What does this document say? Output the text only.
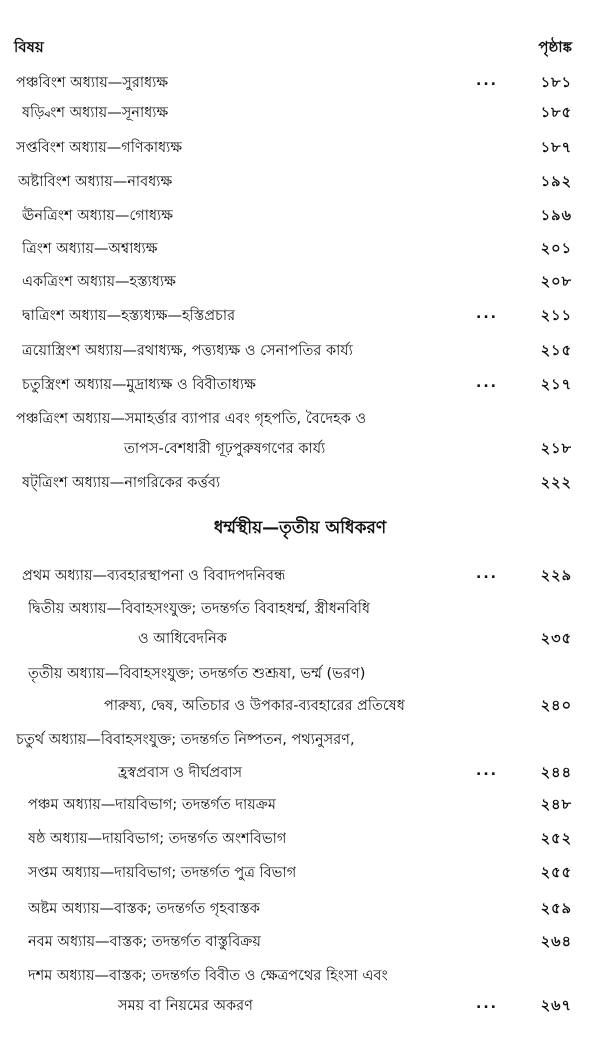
বিষয়	পৃষ্ঠাঙ্ক
পঞ্চবিংশ অধ্যায়—সুরাধ্যক্ষ	...	১৮১
ষড়্বিংশ অধ্যায়—সূনাধ্যক্ষ	১৮৫
সপ্তবিংশ অধ্যায়—গণিকাধ্যক্ষ	১৮৭
অষ্টাবিংশ অধ্যায়—নাবধ্যক্ষ	১৯২
ঊনত্রিংশ অধ্যায়—গোধ্যক্ষ	১৯৬
ত্রিংশ অধ্যায়—অশ্বাধ্যক্ষ	২০১
একত্রিংশ অধ্যায়—হস্ত্যধ্যক্ষ	২০৮
দ্বাত্রিংশ অধ্যায়—হস্ত্যধ্যক্ষ—হস্তিপ্রচার	...	২১১
ত্রয়োস্ত্রিংশ অধ্যায়—রথাধ্যক্ষ, পত্ত্যধ্যক্ষ ও সেনাপতির কার্য্য	২১৫
চতুস্ত্রিংশ অধ্যায়—মুদ্রাধ্যক্ষ ও বিবীতাধ্যক্ষ	...	২১৭
পঞ্চত্রিংশ অধ্যায়—সমাহর্ত্তার ব্যাপার এবং গৃহপতি, বৈদেহক ও
তাপস-বেশধারী গূঢ়পুরুষগণের কার্য্য	২১৮
ষট্‌ত্রিংশ অধ্যায়—নাগরিকের কর্ত্তব্য	২২২
ধর্ম্মস্থীয়—তৃতীয় অধিকরণ
প্রথম অধ্যায়—ব্যবহারস্থাপনা ও বিবাদপদনিবন্ধ	...	২২৯
দ্বিতীয় অধ্যায়—বিবাহসংযুক্ত; তদন্তর্গত বিবাহধর্ম্ম, স্ত্রীধনবিধি
ও আধিবেদনিক	২৩৫
তৃতীয় অধ্যায়—বিবাহসংযুক্ত; তদন্তর্গত শুশ্রূষা, ভর্ম্ম (ভরণ)
পারুষ্য, দ্বেষ, অতিচার ও উপকার-ব্যবহারের প্রতিষেধ	২৪০
চতুর্থ অধ্যায়—বিবাহসংযুক্ত; তদন্তর্গত নিষ্পতন, পথ্যনুসরণ,
হ্রস্বপ্রবাস ও দীর্ঘপ্রবাস	...	২৪৪
পঞ্চম অধ্যায়—দায়বিভাগ; তদন্তর্গত দায়ক্রম	২৪৮
ষষ্ঠ অধ্যায়—দায়বিভাগ; তদন্তর্গত অংশবিভাগ	২৫২
সপ্তম অধ্যায়—দায়বিভাগ; তদন্তর্গত পুত্র বিভাগ	২৫৫
অষ্টম অধ্যায়—বাস্তক; তদন্তর্গত গৃহবাস্তক	২৫৯
নবম অধ্যায়—বাস্তক; তদন্তর্গত বাস্তুবিক্রয়	২৬৪
দশম অধ্যায়—বাস্তক; তদন্তর্গত বিবীত ও ক্ষেত্রপথের হিংসা এবং
সময় বা নিয়মের অকরণ	...	২৬৭
